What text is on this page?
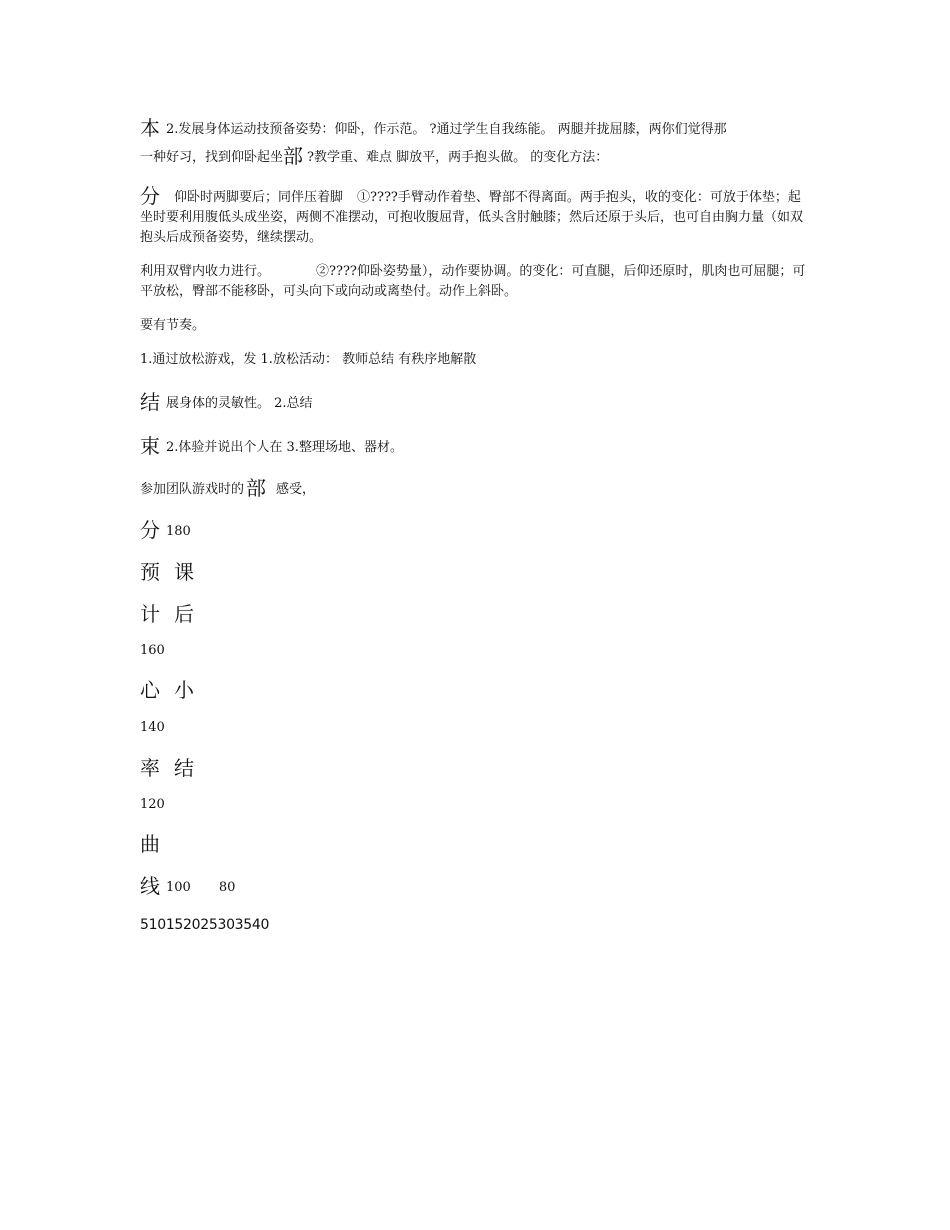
本 2.发展身体运动技预备姿势：仰卧，作示范。 ?通过学生自我练能。 两腿并拢屈膝，两你们觉得那
一种好习，找到仰卧起坐部 ?教学重、难点 脚放平，两手抱头做。 的变化方法：
分 仰卧时两脚要后；同伴压着脚 ①????手臂动作着垫、臀部不得离面。两手抱头，收的变化：可放于体垫；起坐时要利用腹低头成坐姿，两侧不准摆动，可抱收腹屈背，低头含肘触膝；然后还原于头后，也可自由胸力量（如双抱头后成预备姿势，继续摆动。
利用双臂内收力进行。	②????仰卧姿势量），动作要协调。的变化：可直腿，后仰还原时，肌肉也可屈腿；可平放松，臀部不能移卧，可头向下或向动或离垫付。动作上斜卧。
要有节奏。
1.通过放松游戏，发 1.放松活动： 教师总结 有秩序地解散
结展身体的灵敏性。 2.总结
束 2.体验并说出个人在 3.整理场地、器材。
参加团队游戏时的 部 感受，
分 180
预 课
计 后
160
心 小
140
率 结
120
曲
线 100 80
510152025303540
